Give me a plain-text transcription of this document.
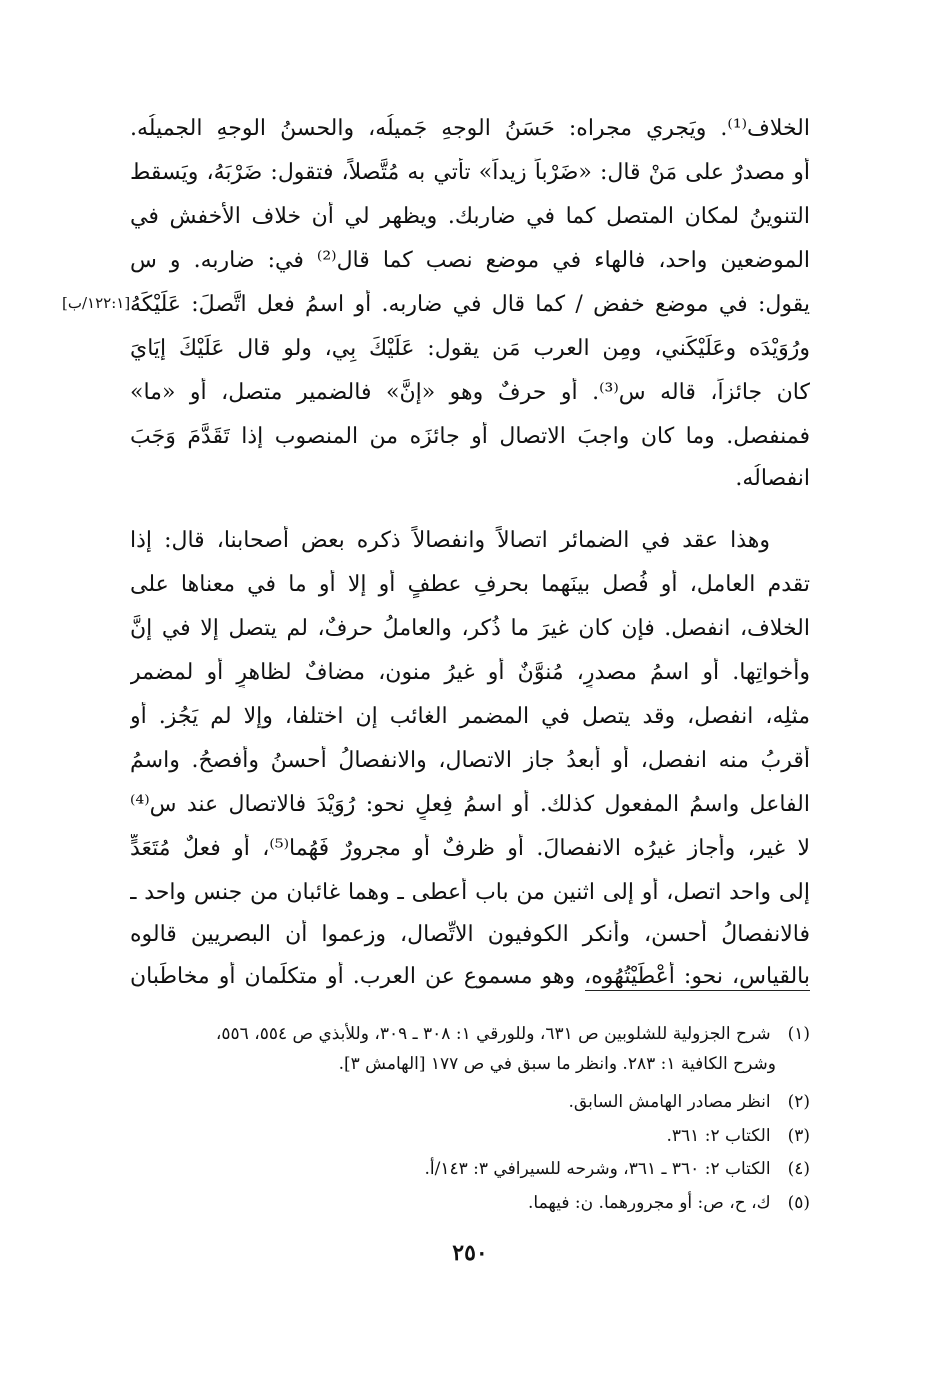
الخلاف⁽¹⁾. ويَجري مجراه: حَسَنُ الوجهِ جَميلُه، والحسنُ الوجهِ الجميلُه.
أو مصدرٌ على مَنْ قال: «ضَرْباً زيداً» تأتي به مُتَّصلاً، فتقول: ضَرْبَهُ، ويَسقط
التنوينُ لمكان المتصل كما في ضاربك. ويظهر لي أن خلاف الأخفش في
الموضعين واحد، فالهاء في موضع نصب كما قال⁽²⁾ في: ضاربه. و س
يقول: في موضع خفض / كما قال في ضاربه. أو اسمُ فعل اتَّصلَ: عَلَيْكَهُ
ورُوَيْدَه وعَلَيْكَني، ومِن العرب مَن يقول: عَلَيْكَ بِي، ولو قال عَلَيْكَ إيَايَ
كان جائزاً، قاله س⁽³⁾. أو حرفٌ وهو «إنَّ» فالضمير متصل، أو «ما»
فمنفصل. وما كان واجبَ الاتصال أو جائزَه من المنصوب إذا تَقَدَّمَ وَجَبَ
انفصالُه.
وهذا عقد في الضمائر اتصالاً وانفصالاً ذكره بعض أصحابنا، قال: إذا
تقدم العامل، أو فُصل بينَهما بحرفِ عطفٍ أو إلا أو ما في معناها على
الخلاف، انفصل. فإن كان غيرَ ما ذُكر، والعاملُ حرفٌ، لم يتصل إلا في إنَّ
وأخواتِها. أو اسمُ مصدرٍ، مُنوَّنٌ أو غيرُ منون، مضافٌ لظاهرٍ أو لمضمر
مثلِه، انفصل، وقد يتصل في المضمر الغائب إن اختلفا، وإلا لم يَجُز. أو
أقربُ منه انفصل، أو أبعدُ جاز الاتصال، والانفصالُ أحسنُ وأفصحُ. واسمُ
الفاعل واسمُ المفعول كذلك. أو اسمُ فِعلٍ نحو: رُوَيْدَ فالاتصال عند س⁽⁴⁾
لا غير، وأجاز غيرُه الانفصالَ. أو ظرفٌ أو مجرورٌ فَهُما⁽⁵⁾، أو فعلٌ مُتَعَدٍّ
إلى واحد اتصل، أو إلى اثنين من باب أعطى ـ وهما غائبان من جنس واحد ـ
فالانفصالُ أحسن، وأنكر الكوفيون الاتِّصال، وزعموا أن البصريين قالوه
بالقياس، نحو: أعْطَيْتُهُوه، وهو مسموع عن العرب. أو متكلِّمان أو مخاطَبان
[١٢٢:١/ب]
(١) شرح الجزولية للشلوبين ص ٦٣١، وللورقي ١: ٣٠٨ ـ ٣٠٩، وللأبذي ص ٥٥٤، ٥٥٦،
وشرح الكافية ١: ٢٨٣. وانظر ما سبق في ص ١٧٧ [الهامش ٣].
(٢) انظر مصادر الهامش السابق.
(٣) الكتاب ٢: ٣٦١.
(٤) الكتاب ٢: ٣٦٠ ـ ٣٦١، وشرحه للسيرافي ٣: ١٤٣/أ.
(٥) ك، ح، ص: أو مجرورهما. ن: فيهما.
٢٥٠
